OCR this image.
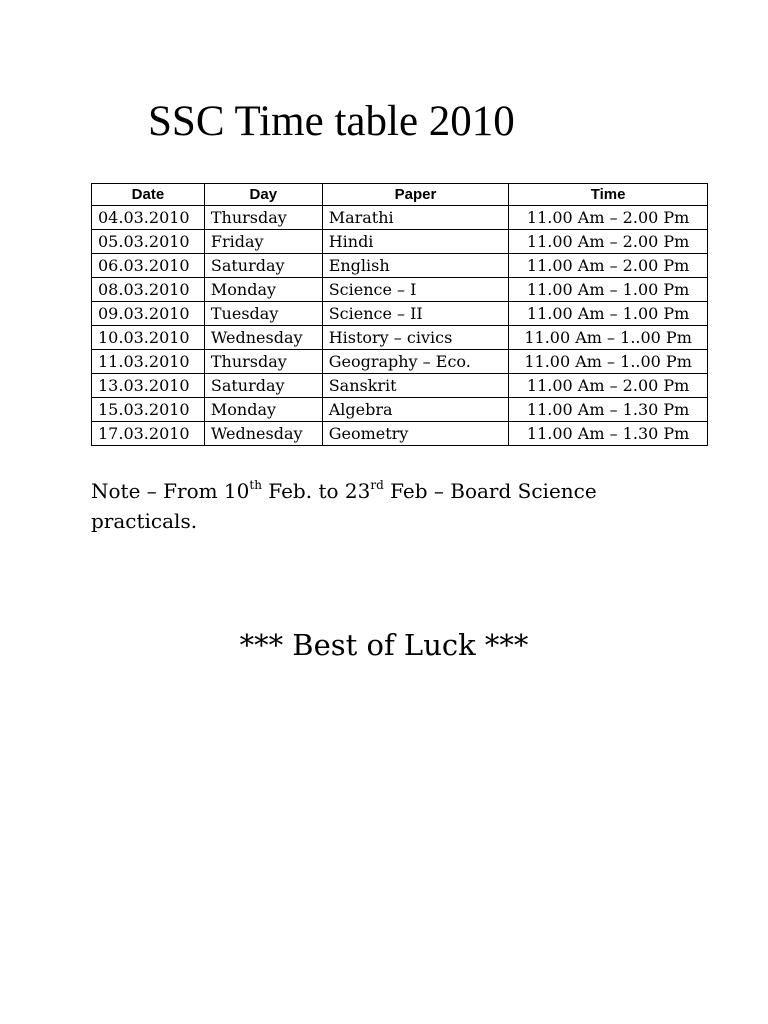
SSC Time table 2010
Date	Day	Paper	Time
04.03.2010	Thursday	Marathi	11.00 Am – 2.00 Pm
05.03.2010	Friday	Hindi	11.00 Am – 2.00 Pm
06.03.2010	Saturday	English	11.00 Am – 2.00 Pm
08.03.2010	Monday	Science – I	11.00 Am – 1.00 Pm
09.03.2010	Tuesday	Science – II	11.00 Am – 1.00 Pm
10.03.2010	Wednesday	History – civics	11.00 Am – 1..00 Pm
11.03.2010	Thursday	Geography – Eco.	11.00 Am – 1..00 Pm
13.03.2010	Saturday	Sanskrit	11.00 Am – 2.00 Pm
15.03.2010	Monday	Algebra	11.00 Am – 1.30 Pm
17.03.2010	Wednesday	Geometry	11.00 Am – 1.30 Pm

Note – From 10th Feb. to 23rd Feb – Board Science practicals.

*** Best of Luck ***
